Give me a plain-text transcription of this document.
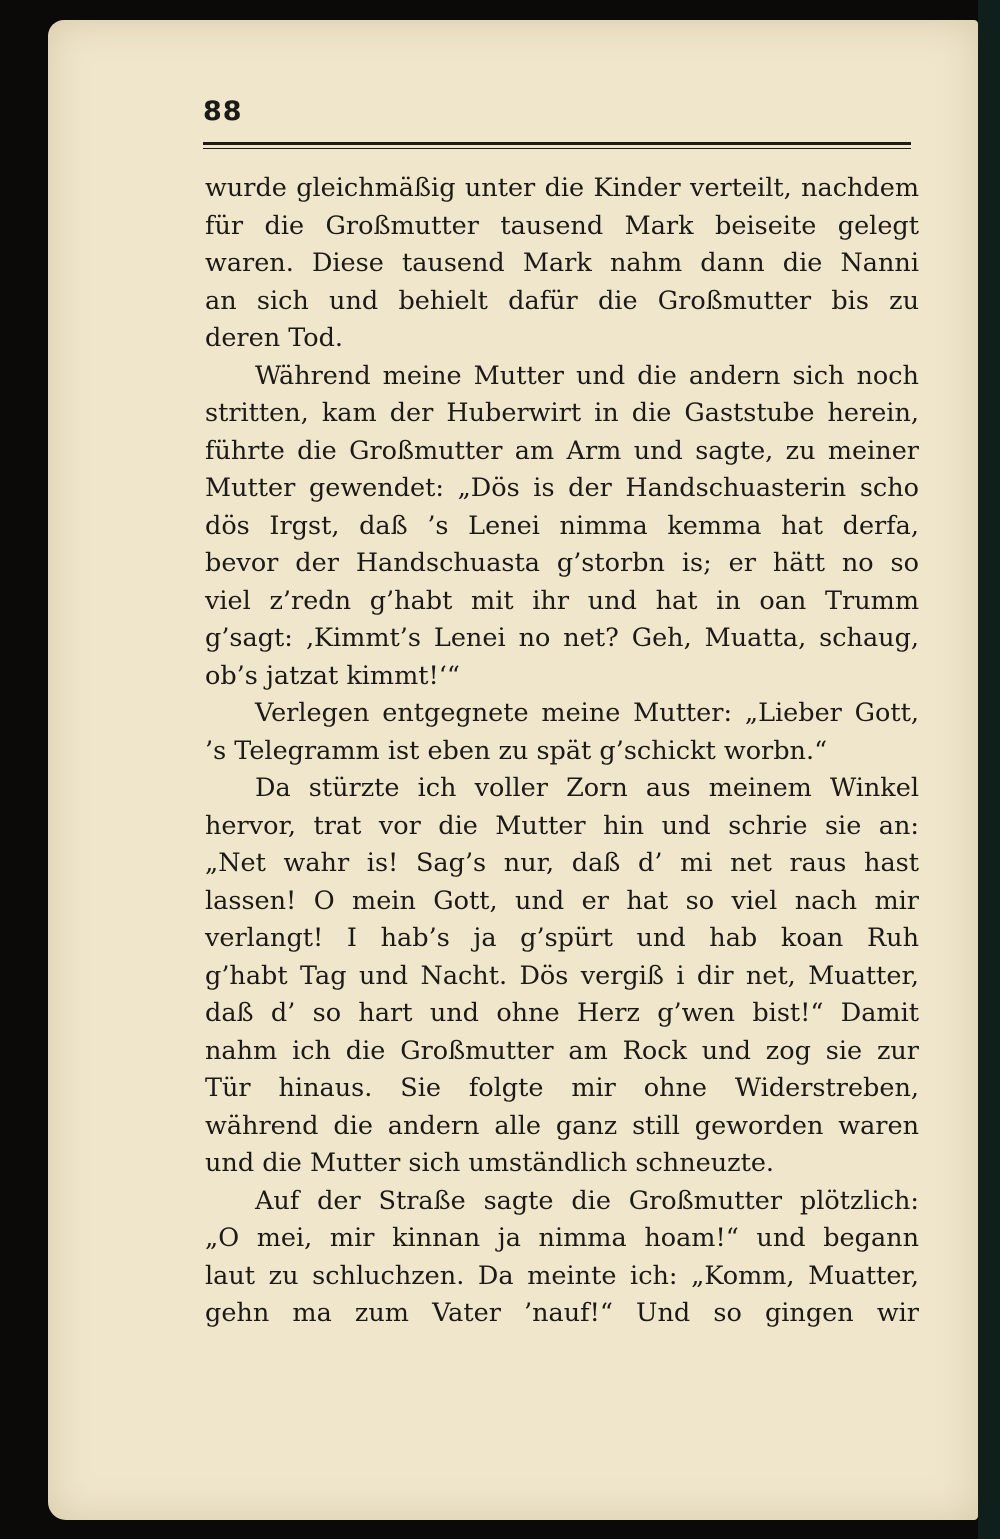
88
wurde gleichmäßig unter die Kinder verteilt, nachdem
für die Großmutter tausend Mark beiseite gelegt
waren. Diese tausend Mark nahm dann die Nanni
an sich und behielt dafür die Großmutter bis zu
deren Tod.
Während meine Mutter und die andern sich noch
stritten, kam der Huberwirt in die Gaststube herein,
führte die Großmutter am Arm und sagte, zu meiner
Mutter gewendet: „Dös is der Handschuasterin scho
dös Irgst, daß ’s Lenei nimma kemma hat derfa,
bevor der Handschuasta g’storbn is; er hätt no so
viel z’redn g’habt mit ihr und hat in oan Trumm
g’sagt: ‚Kimmt’s Lenei no net? Geh, Muatta, schaug,
ob’s jatzat kimmt!‘“
Verlegen entgegnete meine Mutter: „Lieber Gott,
’s Telegramm ist eben zu spät g’schickt worbn.“
Da stürzte ich voller Zorn aus meinem Winkel
hervor, trat vor die Mutter hin und schrie sie an:
„Net wahr is! Sag’s nur, daß d’ mi net raus hast
lassen! O mein Gott, und er hat so viel nach mir
verlangt! I hab’s ja g’spürt und hab koan Ruh
g’habt Tag und Nacht. Dös vergiß i dir net, Muatter,
daß d’ so hart und ohne Herz g’wen bist!“ Damit
nahm ich die Großmutter am Rock und zog sie zur
Tür hinaus. Sie folgte mir ohne Widerstreben,
während die andern alle ganz still geworden waren
und die Mutter sich umständlich schneuzte.
Auf der Straße sagte die Großmutter plötzlich:
„O mei, mir kinnan ja nimma hoam!“ und begann
laut zu schluchzen. Da meinte ich: „Komm, Muatter,
gehn ma zum Vater ’nauf!“ Und so gingen wir
